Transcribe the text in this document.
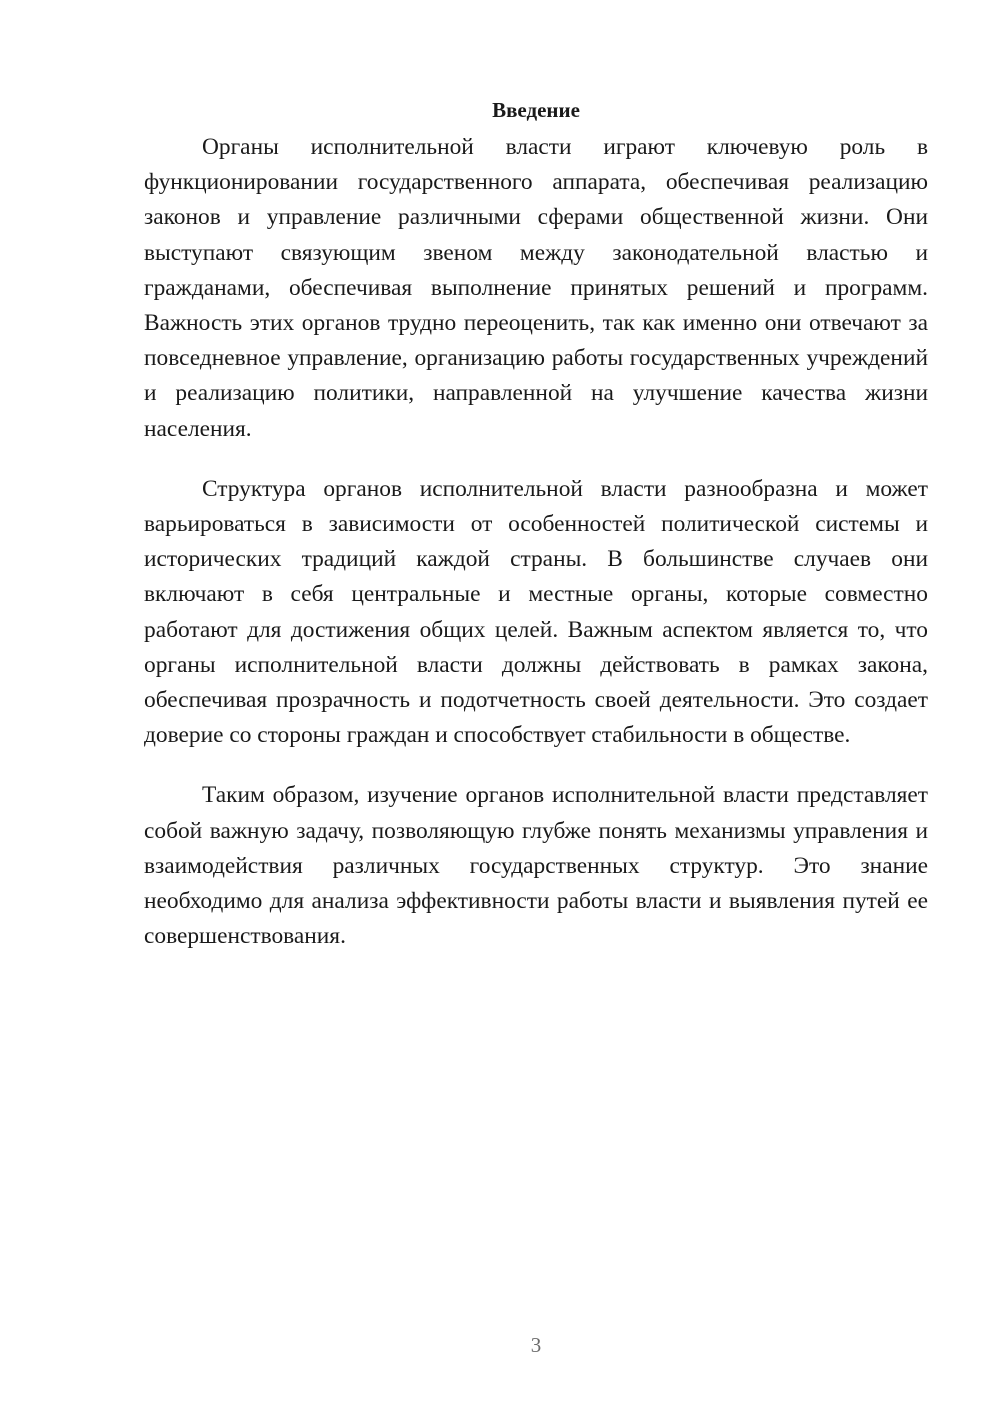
Введение

Органы исполнительной власти играют ключевую роль в функционировании государственного аппарата, обеспечивая реализацию законов и управление различными сферами общественной жизни. Они выступают связующим звеном между законодательной властью и гражданами, обеспечивая выполнение принятых решений и программ. Важность этих органов трудно переоценить, так как именно они отвечают за повседневное управление, организацию работы государственных учреждений и реализацию политики, направленной на улучшение качества жизни населения.

Структура органов исполнительной власти разнообразна и может варьироваться в зависимости от особенностей политической системы и исторических традиций каждой страны. В большинстве случаев они включают в себя центральные и местные органы, которые совместно работают для достижения общих целей. Важным аспектом является то, что органы исполнительной власти должны действовать в рамках закона, обеспечивая прозрачность и подотчетность своей деятельности. Это создает доверие со стороны граждан и способствует стабильности в обществе.

Таким образом, изучение органов исполнительной власти представляет собой важную задачу, позволяющую глубже понять механизмы управления и взаимодействия различных государственных структур. Это знание необходимо для анализа эффективности работы власти и выявления путей ее совершенствования.

3
